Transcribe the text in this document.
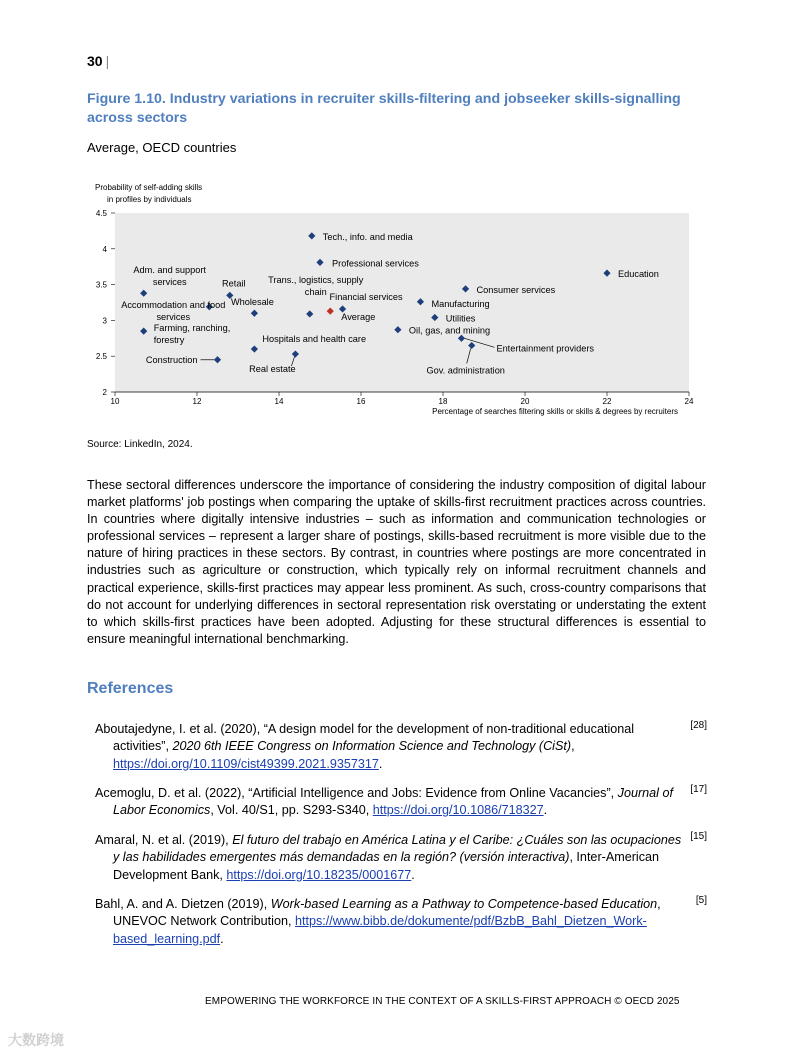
30 |
Figure 1.10. Industry variations in recruiter skills-filtering and jobseeker skills-signalling across sectors
Average, OECD countries
Probability of self-adding skills
in profiles by individuals
2
2.5
3
3.5
4
4.5
10	12	14	16	18	20	22	24
Percentage of searches filtering skills or skills & degrees by recruiters
Tech., info. and media
Professional services
Adm. and support services	Retail
Accommodation and food services
Wholesale
Trans., logistics, supply chain Financial services
Average
Farming, ranching, forestry	Hospitals and health care
Real estate
Construction
Consumer services
Manufacturing
Utilities
Oil, gas, and mining
Entertainment providers
Gov. administration
Education
Source: LinkedIn, 2024.
These sectoral differences underscore the importance of considering the industry composition of digital labour market platforms' job postings when comparing the uptake of skills-first recruitment practices across countries. In countries where digitally intensive industries – such as information and communication technologies or professional services – represent a larger share of postings, skills-based recruitment is more visible due to the nature of hiring practices in these sectors. By contrast, in countries where postings are more concentrated in industries such as agriculture or construction, which typically rely on informal recruitment channels and practical experience, skills-first practices may appear less prominent. As such, cross-country comparisons that do not account for underlying differences in sectoral representation risk overstating or understating the extent to which skills-first practices have been adopted. Adjusting for these structural differences is essential to ensure meaningful international benchmarking.
References
Aboutajedyne, I. et al. (2020), “A design model for the development of non-traditional educational activities”, 2020 6th IEEE Congress on Information Science and Technology (CiSt), https://doi.org/10.1109/cist49399.2021.9357317.
[28]
Acemoglu, D. et al. (2022), “Artificial Intelligence and Jobs: Evidence from Online Vacancies”, Journal of Labor Economics, Vol. 40/S1, pp. S293-S340, https://doi.org/10.1086/718327.
[17]
Amaral, N. et al. (2019), El futuro del trabajo en América Latina y el Caribe: ¿Cuáles son las ocupaciones y las habilidades emergentes más demandadas en la región? (versión interactiva), Inter-American Development Bank, https://doi.org/10.18235/0001677.
[15]
Bahl, A. and A. Dietzen (2019), Work-based Learning as a Pathway to Competence-based Education, UNEVOC Network Contribution, https://www.bibb.de/dokumente/pdf/BzbB_Bahl_Dietzen_Work-based_learning.pdf.
[5]
EMPOWERING THE WORKFORCE IN THE CONTEXT OF A SKILLS-FIRST APPROACH © OECD 2025
大数跨境
